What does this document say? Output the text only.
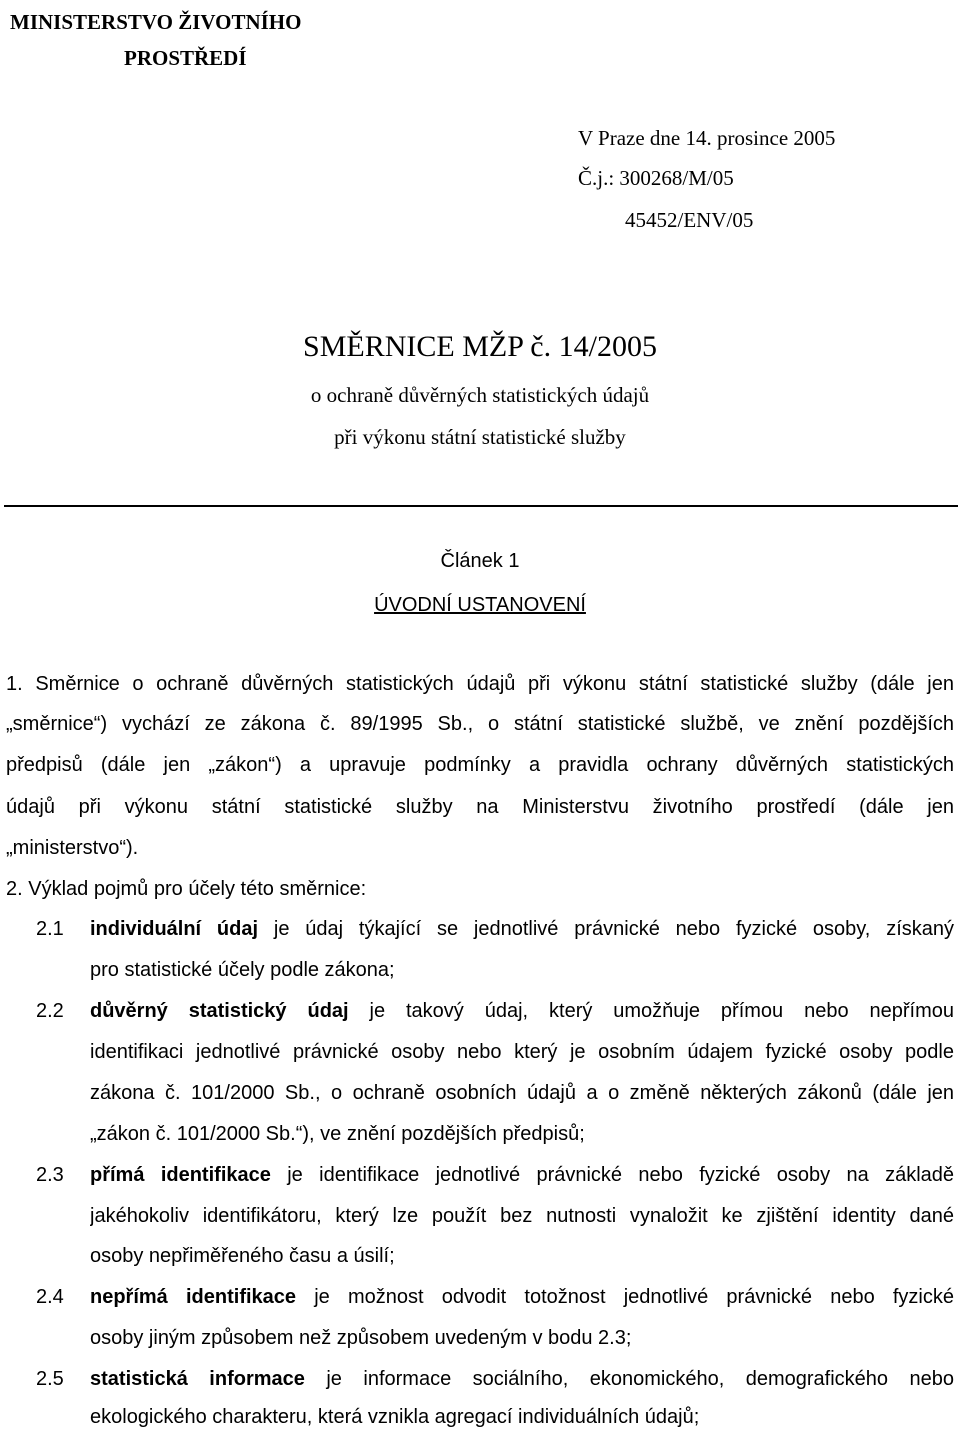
MINISTERSTVO ŽIVOTNÍHO
PROSTŘEDÍ
V Praze dne 14. prosince 2005
Č.j.: 300268/M/05
45452/ENV/05
SMĚRNICE MŽP č. 14/2005
o ochraně důvěrných statistických údajů
při výkonu státní statistické služby
Článek 1
ÚVODNÍ USTANOVENÍ
1. Směrnice o ochraně důvěrných statistických údajů při výkonu státní statistické služby (dále jen
„směrnice“) vychází ze zákona č. 89/1995 Sb., o státní statistické službě, ve znění pozdějších
předpisů (dále jen „zákon“) a upravuje podmínky a pravidla ochrany důvěrných statistických
údajů při výkonu státní statistické služby na Ministerstvu životního prostředí (dále jen
„ministerstvo“).
2. Výklad pojmů pro účely této směrnice:
2.1 individuální údaj je údaj týkající se jednotlivé právnické nebo fyzické osoby, získaný
pro statistické účely podle zákona;
2.2 důvěrný statistický údaj je takový údaj, který umožňuje přímou nebo nepřímou
identifikaci jednotlivé právnické osoby nebo který je osobním údajem fyzické osoby podle
zákona č. 101/2000 Sb., o ochraně osobních údajů a o změně některých zákonů (dále jen
„zákon č. 101/2000 Sb.“), ve znění pozdějších předpisů;
2.3 přímá identifikace je identifikace jednotlivé právnické nebo fyzické osoby na základě
jakéhokoliv identifikátoru, který lze použít bez nutnosti vynaložit ke zjištění identity dané
osoby nepřiměřeného času a úsilí;
2.4 nepřímá identifikace je možnost odvodit totožnost jednotlivé právnické nebo fyzické
osoby jiným způsobem než způsobem uvedeným v bodu 2.3;
2.5 statistická informace je informace sociálního, ekonomického, demografického nebo
ekologického charakteru, která vznikla agregací individuálních údajů;
